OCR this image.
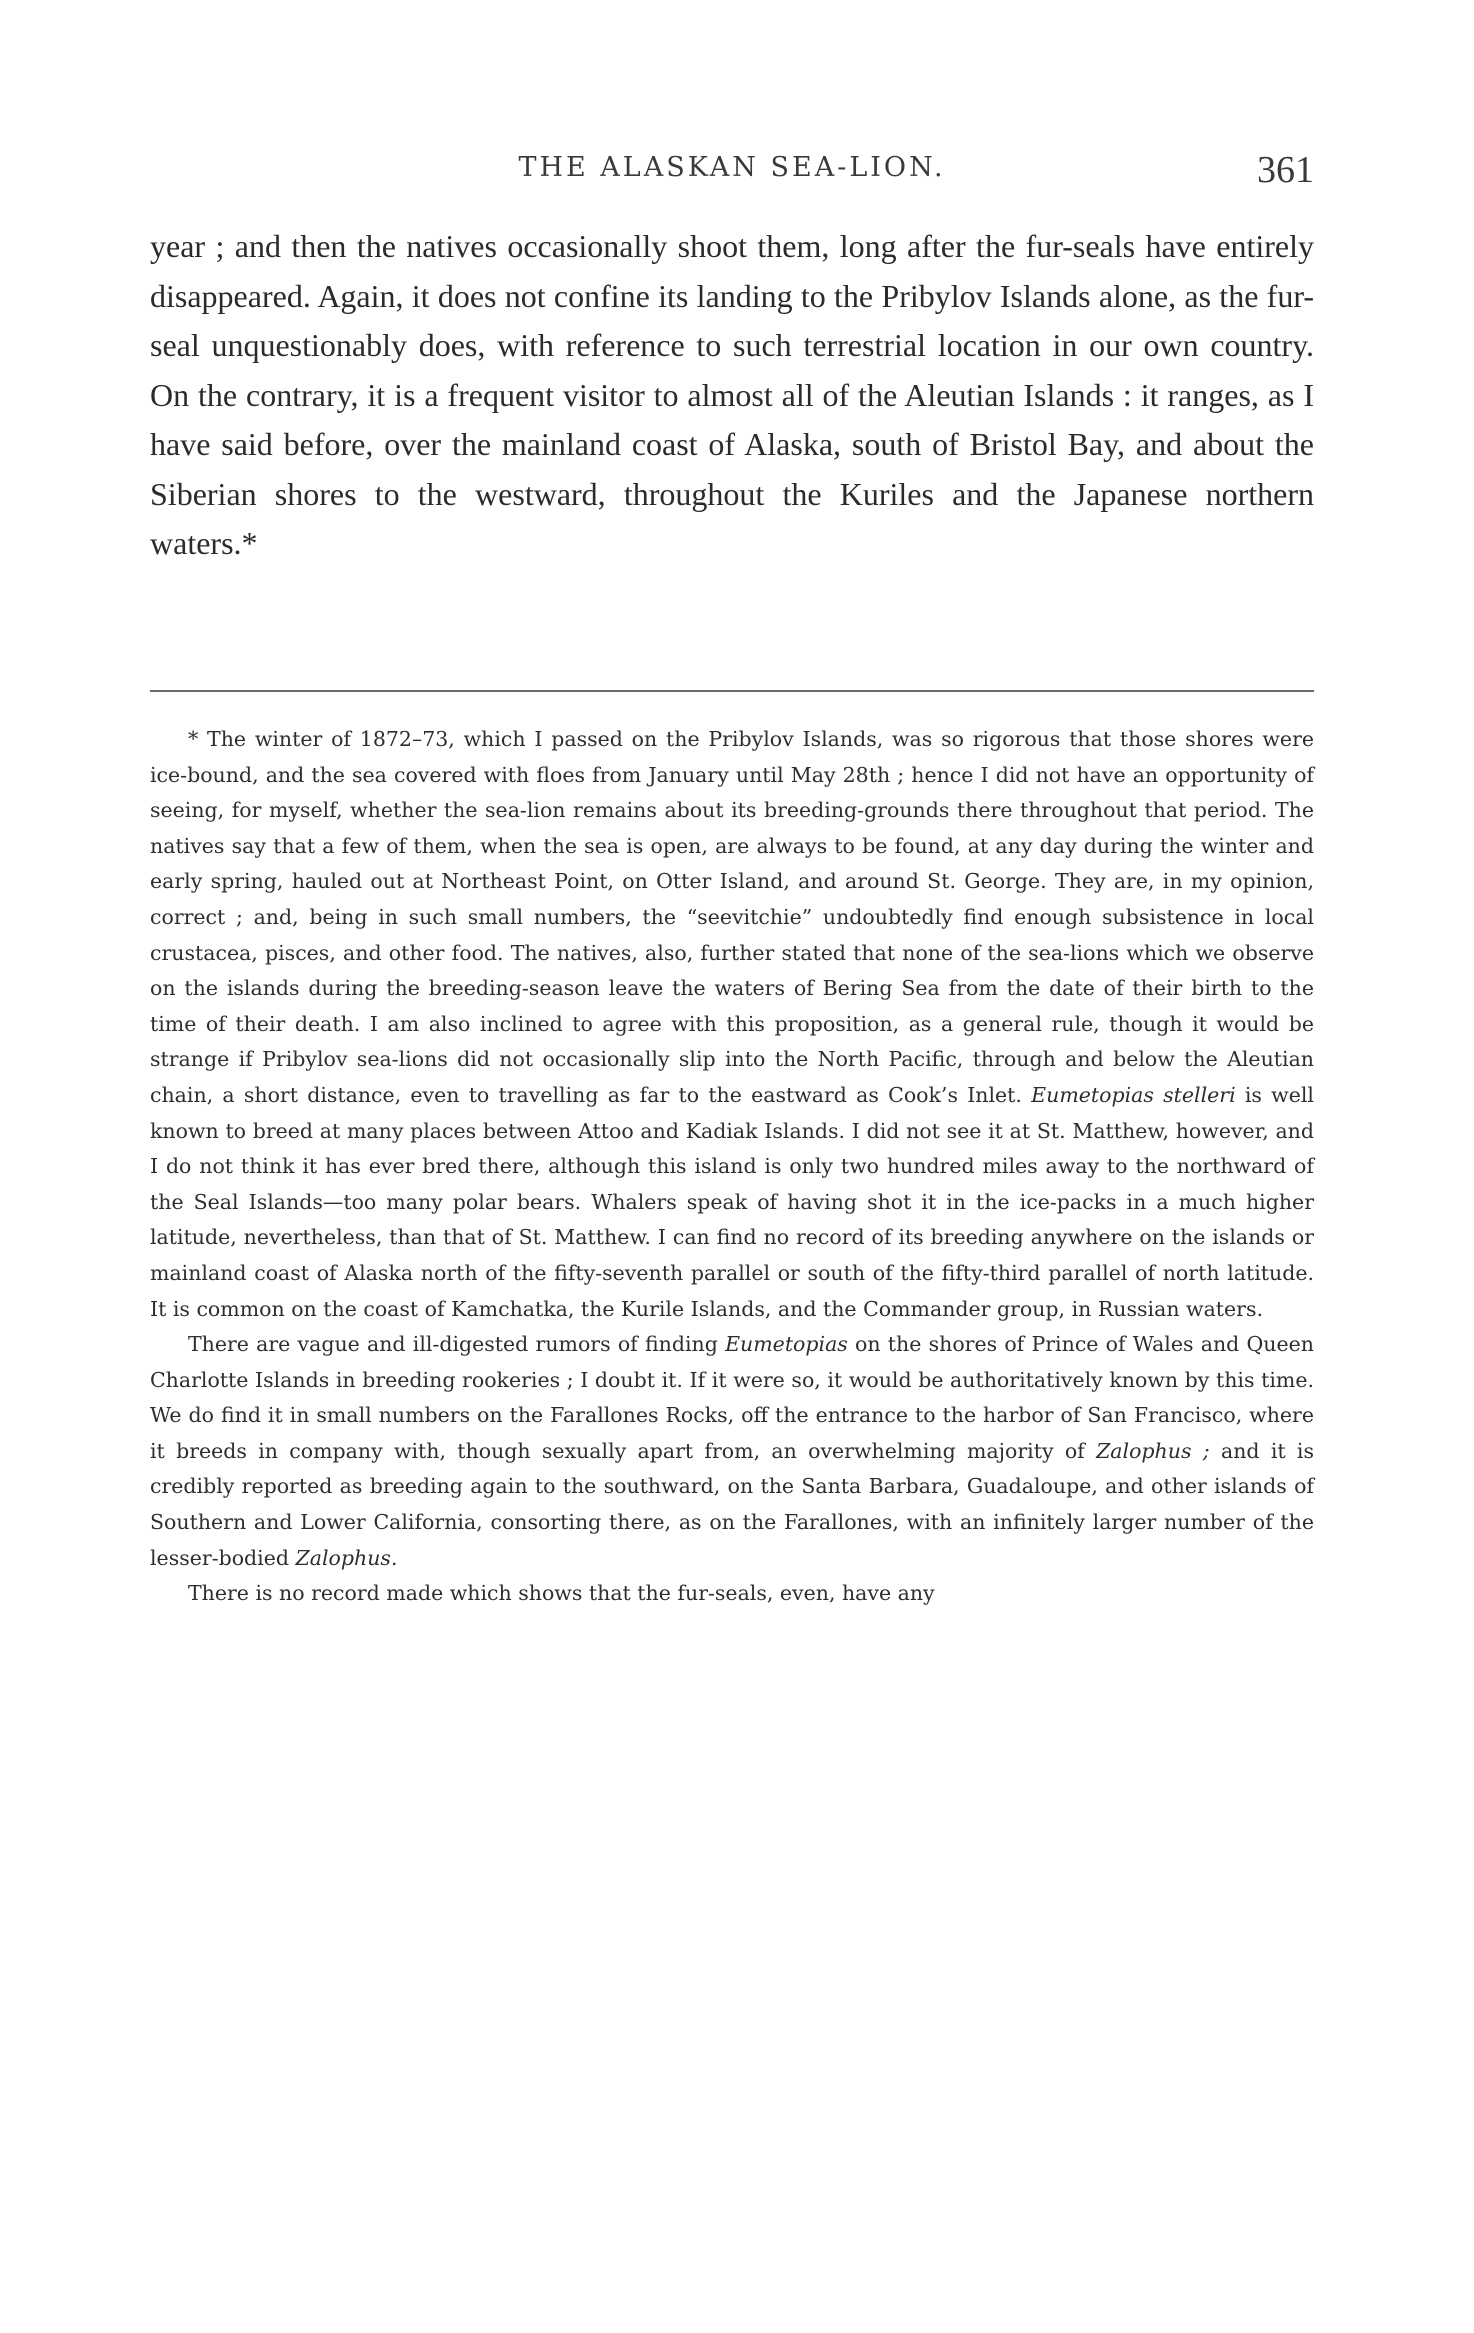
THE ALASKAN SEA-LION.	361

year ; and then the natives occasionally shoot them, long after the fur-seals have entirely disappeared. Again, it does not confine its landing to the Pribylov Islands alone, as the fur-seal unquestionably does, with reference to such terrestrial location in our own country. On the contrary, it is a frequent visitor to almost all of the Aleutian Islands : it ranges, as I have said before, over the mainland coast of Alaska, south of Bristol Bay, and about the Siberian shores to the westward, throughout the Kuriles and the Japanese northern waters.*

* The winter of 1872–73, which I passed on the Pribylov Islands, was so rigorous that those shores were ice-bound, and the sea covered with floes from January until May 28th ; hence I did not have an opportunity of seeing, for myself, whether the sea-lion remains about its breeding-grounds there throughout that period. The natives say that a few of them, when the sea is open, are always to be found, at any day during the winter and early spring, hauled out at Northeast Point, on Otter Island, and around St. George. They are, in my opinion, correct ; and, being in such small numbers, the “seevitchie” undoubtedly find enough subsistence in local crustacea, pisces, and other food. The natives, also, further stated that none of the sea-lions which we observe on the islands during the breeding-season leave the waters of Bering Sea from the date of their birth to the time of their death. I am also inclined to agree with this proposition, as a general rule, though it would be strange if Pribylov sea-lions did not occasionally slip into the North Pacific, through and below the Aleutian chain, a short distance, even to travelling as far to the eastward as Cook’s Inlet. Eumetopias stelleri is well known to breed at many places between Attoo and Kadiak Islands. I did not see it at St. Matthew, however, and I do not think it has ever bred there, although this island is only two hundred miles away to the northward of the Seal Islands—too many polar bears. Whalers speak of having shot it in the ice-packs in a much higher latitude, nevertheless, than that of St. Matthew. I can find no record of its breeding anywhere on the islands or mainland coast of Alaska north of the fifty-seventh parallel or south of the fifty-third parallel of north latitude. It is common on the coast of Kamchatka, the Kurile Islands, and the Commander group, in Russian waters.

There are vague and ill-digested rumors of finding Eumetopias on the shores of Prince of Wales and Queen Charlotte Islands in breeding rookeries ; I doubt it. If it were so, it would be authoritatively known by this time. We do find it in small numbers on the Farallones Rocks, off the entrance to the harbor of San Francisco, where it breeds in company with, though sexually apart from, an overwhelming majority of Zalophus ; and it is credibly reported as breeding again to the southward, on the Santa Barbara, Guadaloupe, and other islands of Southern and Lower California, consorting there, as on the Farallones, with an infinitely larger number of the lesser-bodied Zalophus.

There is no record made which shows that the fur-seals, even, have any
